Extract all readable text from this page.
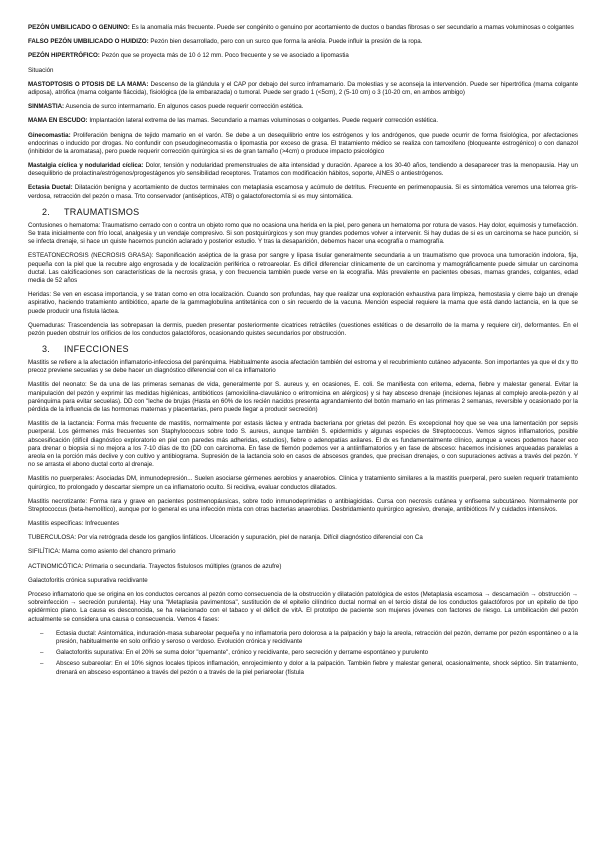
PEZÓN UMBILICADO O GENUINO: Es la anomalía más frecuente. Puede ser congénito o genuino por acortamiento de ductos o bandas fibrosas o ser secundario a mamas voluminosas o colgantes

FALSO PEZÓN UMBILICADO O HUIDIZO: Pezón bien desarrollado, pero con un surco que forma la aréola. Puede influir la presión de la ropa.

PEZÓN HIPERTRÓFICO: Pezón que se proyecta más de 10 ó 12 mm. Poco frecuente y se ve asociado a lipomastia

Situación

MASTOPTOSIS O PTOSIS DE LA MAMA: Descenso de la glándula y el CAP por debajo del surco inframamario. Da molestias y se aconseja la intervención. Puede ser hipertrófica (mama colgante adiposa), atrófica (mama colgante fláccida), fisiológica (de la embarazada) o tumoral. Puede ser grado 1 (<5cm), 2 (5-10 cm) o 3 (10-20 cm, en ambos ambigo)

SINMASTIA: Ausencia de surco intermamario. En algunos casos puede requerir corrección estética.

MAMA EN ESCUDO: Implantación lateral extrema de las mamas. Secundario a mamas voluminosas o colgantes. Puede requerir corrección estética.

Ginecomastia: Proliferación benigna de tejido mamario en el varón. Se debe a un desequilibrio entre los estrógenos y los andrógenos, que puede ocurrir de forma fisiológica, por afectaciones endocrinas o inducido por drogas. No confundir con pseudoginecomastia o lipomastia por exceso de grasa. El tratamiento médico se realiza con tamoxifeno (bloqueante estrogénico) o con danazol (inhibidor de la aromatasa), pero puede requerir corrección quirúrgica si es de gran tamaño (>4cm) o produce impacto psicológico

Mastalgia cíclica y nodularidad cíclica: Dolor, tensión y nodularidad premenstruales de alta intensidad y duración. Aparece a los 30-40 años, tendiendo a desaparecer tras la menopausia. Hay un desequilibrio de prolactina/estrógenos/progestágenos y/o sensibilidad receptores. Tratamos con modificación hábitos, soporte, AINES o antiestrógenos.

Ectasia Ductal: Dilatación benigna y acortamiento de ductos terminales con metaplasia escamosa y acúmulo de detritus. Frecuente en perimenopausia. Si es sintomática veremos una telorrea gris-verdosa, retracción del pezón o masa. Trto conservador (antisépticos, ATB) o galactoforectomía si es muy sintomática.

2. TRAUMATISMOS

Contusiones o hematoma: Traumatismo cerrado con o contra un objeto romo que no ocasiona una herida en la piel, pero genera un hematoma por rotura de vasos. Hay dolor, equimosis y tumefacción. Se trata inicialmente con frío local, analgesia y un vendaje compresivo. Si son postquirúrgicos y son muy grandes podemos volver a intervenir. Si hay dudas de si es un carcinoma se hace punción, si se infecta drenaje, si hace un quiste hacemos punción aclarado y posterior estudio. Y tras la desaparición, debemos hacer una ecografía o mamografía.

ESTEATONECROSIS (NECROSIS GRASA): Saponificación aséptica de la grasa por sangre y lipasa tisular generalmente secundaria a un traumatismo que provoca una tumoración indolora, fija, pequeña con la piel que la recubre algo engrosada y de localización periférica o retroareolar. Es difícil diferenciar clínicamente de un carcinoma y mamográficamente puede simular un carcinoma ductal. Las calcificaciones son características de la necrosis grasa, y con frecuencia también puede verse en la ecografía. Más prevalente en pacientes obesas, mamas grandes, colgantes, edad media de 52 años

Heridas: Se ven en escasa importancia, y se tratan como en otra localización. Cuando son profundas, hay que realizar una exploración exhaustiva para limpieza, hemostasia y cierre bajo un drenaje aspirativo, haciendo tratamiento antibiótico, aparte de la gammaglobulina antitetánica con o sin recuerdo de la vacuna. Mención especial requiere la mama que está dando lactancia, en la que se puede producir una fístula láctea.

Quemaduras: Trascendencia las sobrepasan la dermis, pueden presentar posteriormente cicatrices retráctiles (cuestiones estéticas o de desarrollo de la mama y requiere cir), deformantes. En el pezón pueden obstruir los orificios de los conductos galactóforos, ocasionando quistes secundarios por obstrucción.

3. INFECCIONES

Mastitis se refiere a la afectación inflamatorio-infecciosa del parénquima. Habitualmente asocia afectación también del estroma y el recubrimiento cutáneo adyacente. Son importantes ya que el dx y tto precoz previene secuelas y se debe hacer un diagnóstico diferencial con el ca inflamatorio

Mastitis del neonato: Se da una de las primeras semanas de vida, generalmente por S. aureus y, en ocasiones, E. coli. Se manifiesta con eritema, edema, fiebre y malestar general. Evitar la manipulación del pezón y exprimir las medidas higiénicas, antibióticos (amoxicilina-clavulánico o eritromicina en alérgicos) y si hay absceso drenaje (incisiones lejanas al complejo areola-pezón y al parénquima para evitar secuelas). DD con "leche de brujas (Hasta en 60% de los recién nacidos presenta agrandamiento del botón mamario en las primeras 2 semanas, reversible y ocasionado por la pérdida de la influencia de las hormonas maternas y placentarias, pero puede llegar a producir secreción)

Mastitis de la lactancia: Forma más frecuente de mastitis, normalmente por estasis láctea y entrada bacteriana por grietas del pezón. Es excepcional hoy que se vea una lamentación por sepsis puerperal. Los gérmenes más frecuentes son Staphylococcus sobre todo S. aureus, aunque también S. epidermidis y algunas especies de Streptococcus. Vemos signos inflamatorios, posible abscesificación (difícil diagnóstico exploratorio en piel con paredes más adheridas, estudios), fiebre o adenopatías axilares. El dx es fundamentalmente clínico, aunque a veces podemos hacer eco para drenar o biopsia si no mejora a los 7-10 días de tto (DD con carcinoma. En fase de flemón podemos ver a antiinflamatorios y en fase de absceso: hacemos incisiones arqueadas paralelas a areola en la porción más declive y con cultivo y antibiograma. Supresión de la lactancia solo en casos de abscesos grandes, que precisan drenajes, o con supuraciones activas a través del pezón. Y no se arrasta el abono ductal corto al drenaje.

Mastitis no puerperales: Asociadas DM, inmunodepresión... Suelen asociarse gérmenes aerobios y anaerobios. Clínica y tratamiento similares a la mastitis puerperal, pero suelen requerir tratamiento quirúrgico, tto prolongado y descartar siempre un ca inflamatorio oculto. Si recidiva, evaluar conductos dilatados.

Mastitis necrotizante: Forma rara y grave en pacientes postmenopáusicas, sobre todo inmunodeprimidas o antibiagicidas. Cursa con necrosis cutánea y enfisema subcutáneo. Normalmente por Streptococcus (beta-hemolítico), aunque por lo general es una infección mixta con otras bacterias anaerobias. Desbridamiento quirúrgico agresivo, drenaje, antibióticos IV y cuidados intensivos.

Mastitis específicas: Infrecuentes

TUBERCULOSA: Por vía retrógrada desde los ganglios linfáticos. Ulceración y supuración, piel de naranja. Difícil diagnóstico diferencial con Ca

SIFILÍTICA: Mama como asiento del chancro primario

ACTINOMICÓTICA: Primaria o secundaria. Trayectos fistulosos múltiples (granos de azufre)

Galactoforitis crónica supurativa recidivante

Proceso inflamatorio que se origina en los conductos cercanos al pezón como consecuencia de la obstrucción y dilatación patológica de estos (Metaplasia escamosa → descamación → obstrucción → sobreinfección → secreción purulenta). Hay una "Metaplasia pavimentosa", sustitución de el epitelio cilíndrico ductal normal en el tercio distal de los conductos galactóforos por un epitelio de tipo epidérmico plano. La causa es desconocida, se ha relacionado con el tabaco y el déficit de vitA. El prototipo de paciente son mujeres jóvenes con factores de riesgo. La umbilicación del pezón actualmente se considera una causa o consecuencia. Vemos 4 fases:

– Ectasia ductal: Asintomática, induración-masa subareolar pequeña y no inflamatoria pero dolorosa a la palpación y bajo la areola, retracción del pezón, derrame por pezón espontáneo o a la presión, habitualmente en solo orificio y seroso o verdoso. Evolución crónica y recidivante
– Galactoforitis supurativa: En el 20% se suma dolor "quemante", crónico y recidivante, pero secreción y derrame espontáneo y purulento
– Absceso subareolar: En el 10% signos locales típicos inflamación, enrojecimiento y dolor a la palpación. También fiebre y malestar general, ocasionalmente, shock séptico. Sin tratamiento, drenará en absceso espontáneo a través del pezón o a través de la piel periareolar (fístula
